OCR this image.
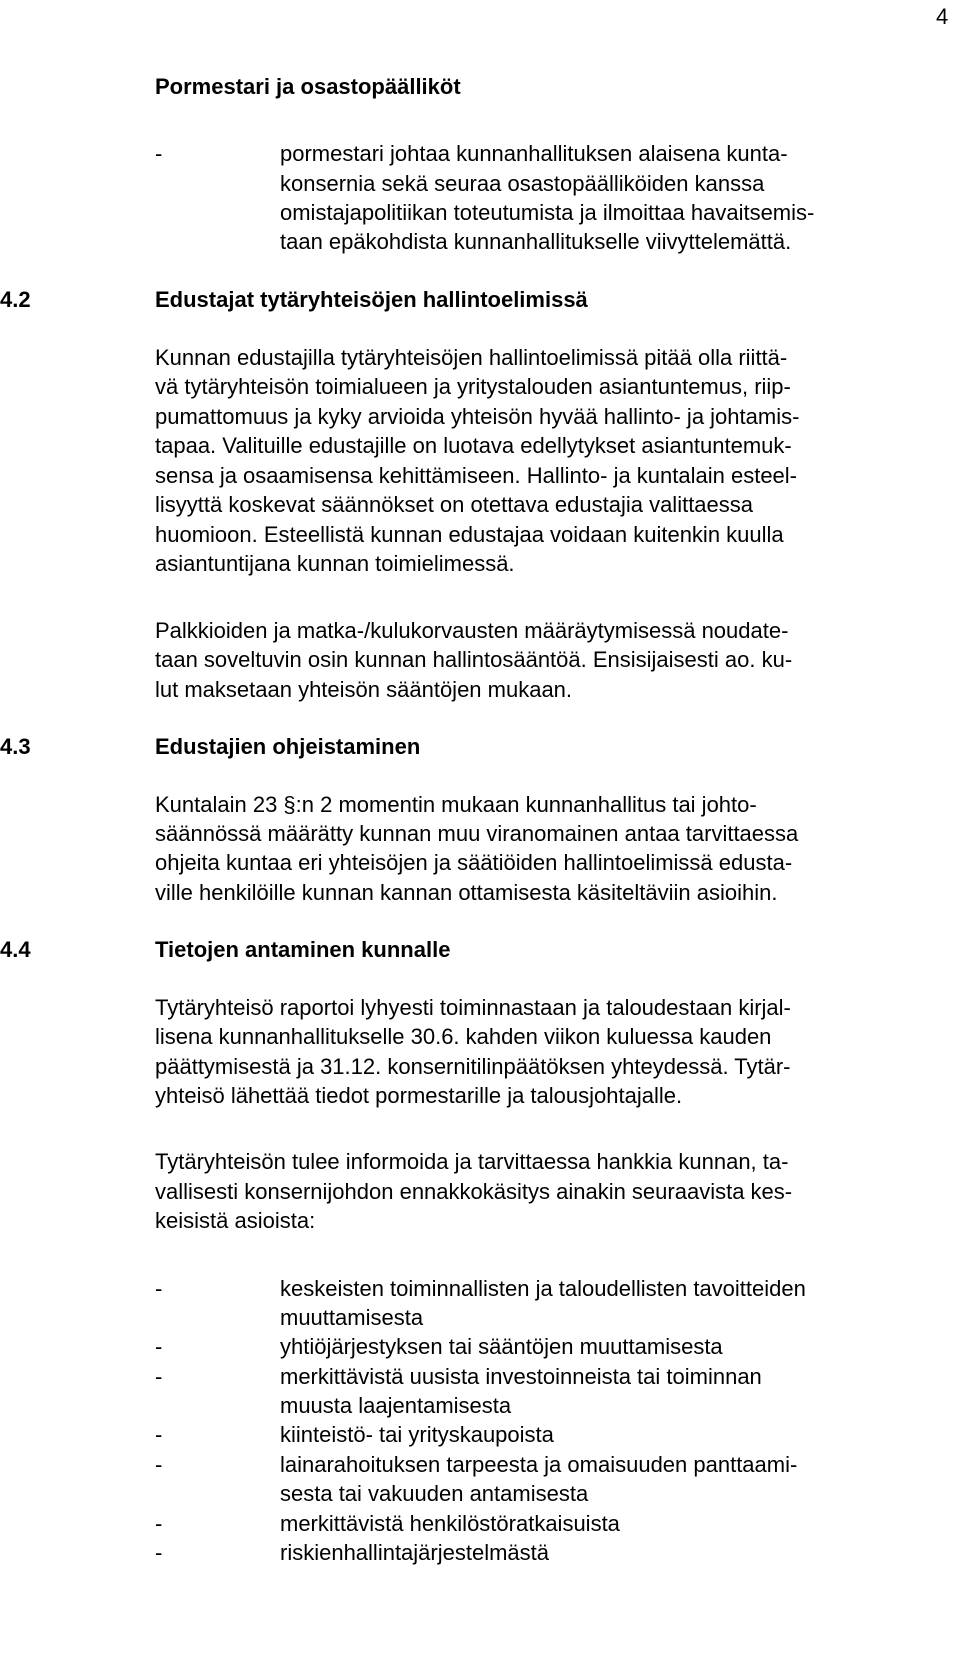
4
Pormestari ja osastopäälliköt
-	pormestari johtaa kunnanhallituksen alaisena kunta-
konsernia sekä seuraa osastopäälliköiden kanssa
omistajapolitiikan toteutumista ja ilmoittaa havaitsemis-
taan epäkohdista kunnanhallitukselle viivyttelemättä.
4.2	Edustajat tytäryhteisöjen hallintoelimissä
Kunnan edustajilla tytäryhteisöjen hallintoelimissä pitää olla riittä-
vä tytäryhteisön toimialueen ja yritystalouden asiantuntemus, riip-
pumattomuus ja kyky arvioida yhteisön hyvää hallinto- ja johtamis-
tapaa. Valituille edustajille on luotava edellytykset asiantuntemuk-
sensa ja osaamisensa kehittämiseen. Hallinto- ja kuntalain esteel-
lisyyttä koskevat säännökset on otettava edustajia valittaessa
huomioon. Esteellistä kunnan edustajaa voidaan kuitenkin kuulla
asiantuntijana kunnan toimielimessä.
Palkkioiden ja matka-/kulukorvausten määräytymisessä noudate-
taan soveltuvin osin kunnan hallintosääntöä. Ensisijaisesti ao. ku-
lut maksetaan yhteisön sääntöjen mukaan.
4.3	Edustajien ohjeistaminen
Kuntalain 23 §:n 2 momentin mukaan kunnanhallitus tai johto-
säännössä määrätty kunnan muu viranomainen antaa tarvittaessa
ohjeita kuntaa eri yhteisöjen ja säätiöiden hallintoelimissä edusta-
ville henkilöille kunnan kannan ottamisesta käsiteltäviin asioihin.
4.4	Tietojen antaminen kunnalle
Tytäryhteisö raportoi lyhyesti toiminnastaan ja taloudestaan kirjal-
lisena kunnanhallitukselle 30.6. kahden viikon kuluessa kauden
päättymisestä ja 31.12. konsernitilinpäätöksen yhteydessä. Tytär-
yhteisö lähettää tiedot pormestarille ja talousjohtajalle.
Tytäryhteisön tulee informoida ja tarvittaessa hankkia kunnan, ta-
vallisesti konsernijohdon ennakkokäsitys ainakin seuraavista kes-
keisistä asioista:
-	keskeisten toiminnallisten ja taloudellisten tavoitteiden
muuttamisesta
-	yhtiöjärjestyksen tai sääntöjen muuttamisesta
-	merkittävistä uusista investoinneista tai toiminnan
muusta laajentamisesta
-	kiinteistö- tai yrityskaupoista
-	lainarahoituksen tarpeesta ja omaisuuden panttaami-
sesta tai vakuuden antamisesta
-	merkittävistä henkilöstöratkaisuista
-	riskienhallintajärjestelmästä
